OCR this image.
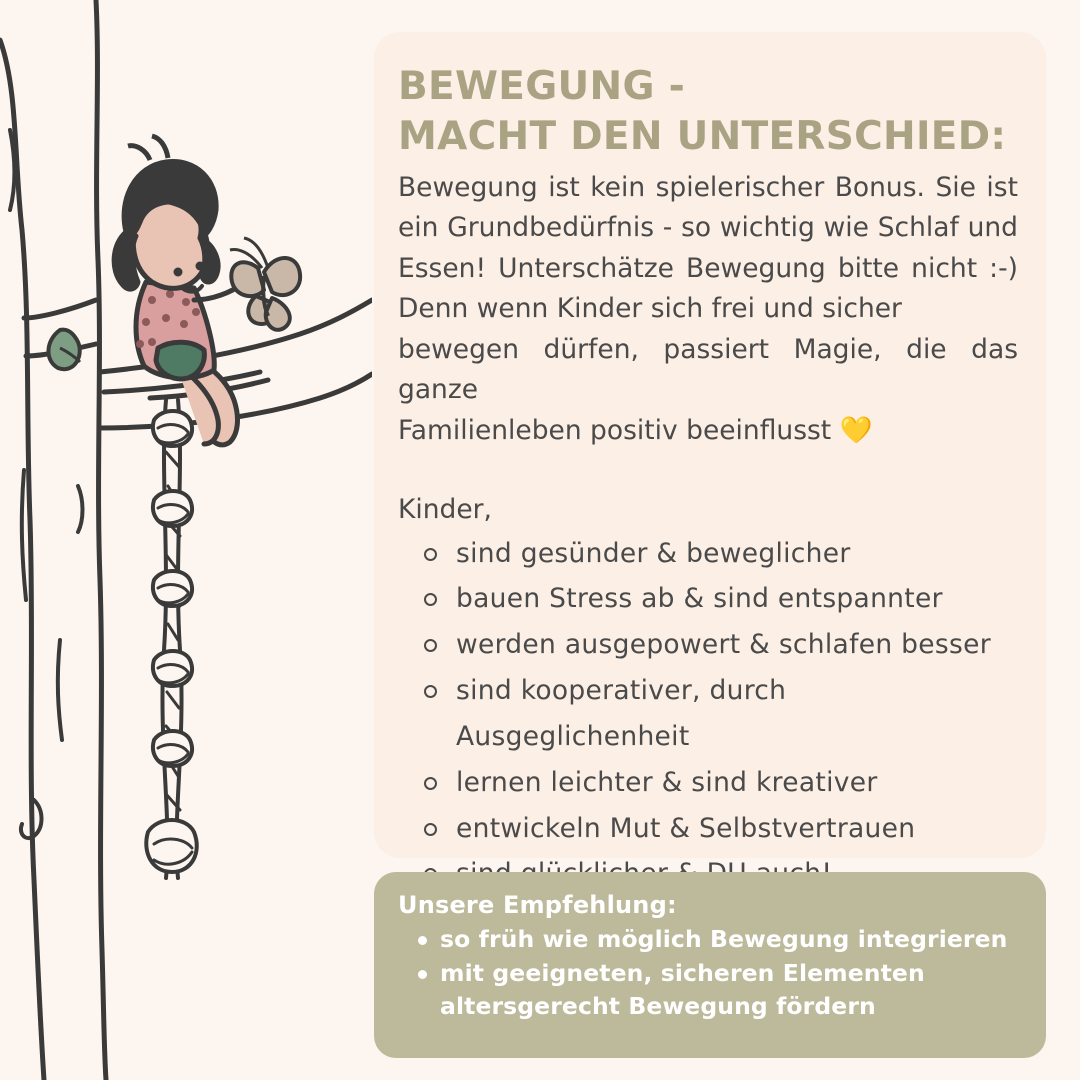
BEWEGUNG -
MACHT DEN UNTERSCHIED:

Bewegung ist kein spielerischer Bonus. Sie ist

ein Grundbedürfnis - so wichtig wie Schlaf und

Essen! Unterschätze Bewegung bitte nicht :-)

Denn wenn Kinder sich frei und sicher

bewegen dürfen, passiert Magie, die das ganze

Familienleben positiv beeinflusst 💛

Kinder,
sind gesünder & beweglicher
bauen Stress ab & sind entspannter
werden ausgepowert & schlafen besser
sind kooperativer, durch Ausgeglichenheit
lernen leichter & sind kreativer
entwickeln Mut & Selbstvertrauen
Unsere Empfehlung:
so früh wie möglich Bewegung integrieren
mit geeigneten, sicheren Elementen
altersgerecht Bewegung fördern
